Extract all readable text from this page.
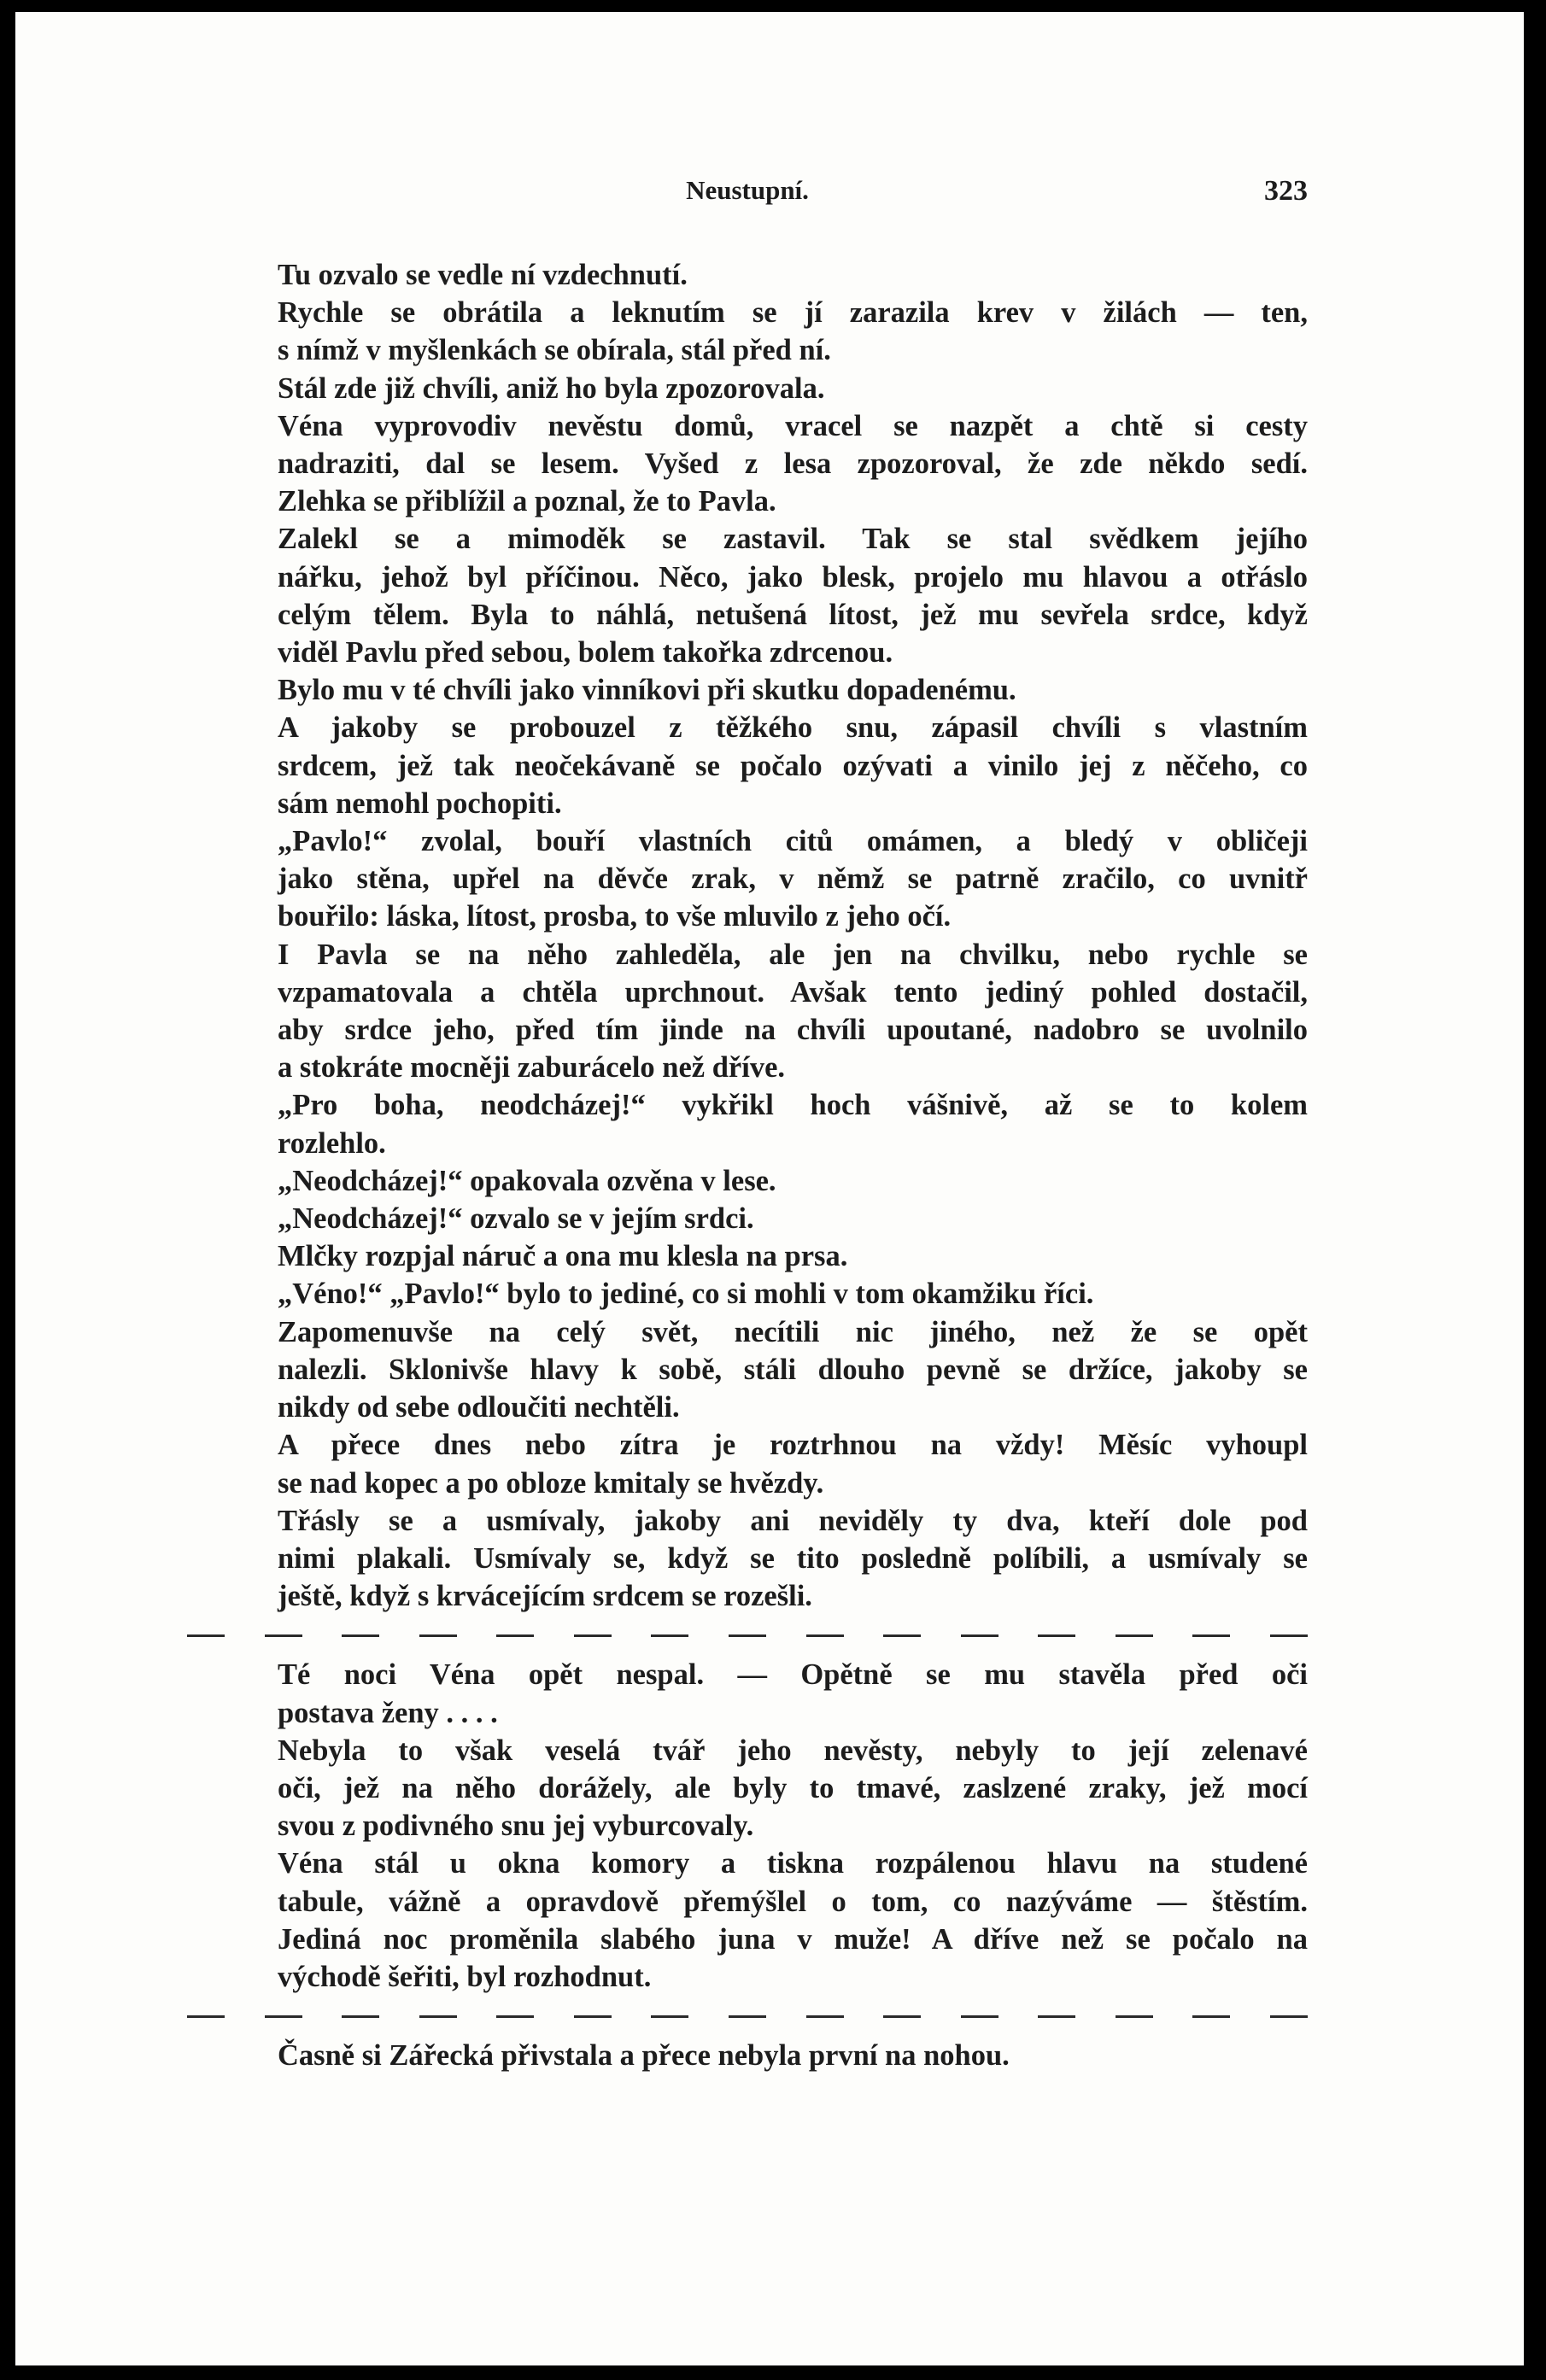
Neustupní.	323

Tu ozvalo se vedle ní vzdechnutí.

Rychle se obrátila a leknutím se jí zarazila krev v žilách — ten,
s nímž v myšlenkách se obírala, stál před ní.

Stál zde již chvíli, aniž ho byla zpozorovala.

Véna vyprovodiv nevěstu domů, vracel se nazpět a chtě si cesty
nadraziti, dal se lesem. Vyšed z lesa zpozoroval, že zde někdo sedí.
Zlehka se přiblížil a poznal, že to Pavla.

Zalekl se a mimoděk se zastavil. Tak se stal svědkem jejího
nářku, jehož byl příčinou. Něco, jako blesk, projelo mu hlavou a otřáslo
celým tělem. Byla to náhlá, netušená lítost, jež mu sevřela srdce, když
viděl Pavlu před sebou, bolem takořka zdrcenou.

Bylo mu v té chvíli jako vinníkovi při skutku dopadenému.

A jakoby se probouzel z těžkého snu, zápasil chvíli s vlastním
srdcem, jež tak neočekávaně se počalo ozývati a vinilo jej z něčeho, co
sám nemohl pochopiti.

„Pavlo!“ zvolal, bouří vlastních citů omámen, a bledý v obličeji
jako stěna, upřel na děvče zrak, v němž se patrně zračilo, co uvnitř
bouřilo: láska, lítost, prosba, to vše mluvilo z jeho očí.

I Pavla se na něho zahleděla, ale jen na chvilku, nebo rychle se
vzpamatovala a chtěla uprchnout. Avšak tento jediný pohled dostačil,
aby srdce jeho, před tím jinde na chvíli upoutané, nadobro se uvolnilo
a stokráte mocněji zaburácelo než dříve.

„Pro boha, neodcházej!“ vykřikl hoch vášnivě, až se to kolem
rozlehlo.

„Neodcházej!“ opakovala ozvěna v lese.

„Neodcházej!“ ozvalo se v jejím srdci.

Mlčky rozpjal náruč a ona mu klesla na prsa.

„Véno!“ „Pavlo!“ bylo to jediné, co si mohli v tom okamžiku říci.

Zapomenuvše na celý svět, necítili nic jiného, než že se opět
nalezli. Sklonivše hlavy k sobě, stáli dlouho pevně se držíce, jakoby se
nikdy od sebe odloučiti nechtěli.

A přece dnes nebo zítra je roztrhnou na vždy! Měsíc vyhoupl
se nad kopec a po obloze kmitaly se hvězdy.

Třásly se a usmívaly, jakoby ani neviděly ty dva, kteří dole pod
nimi plakali. Usmívaly se, když se tito posledně políbili, a usmívaly se
ještě, když s krvácejícím srdcem se rozešli.

Té noci Véna opět nespal. — Opětně se mu stavěla před oči
postava ženy . . . .

Nebyla to však veselá tvář jeho nevěsty, nebyly to její zelenavé
oči, jež na něho dorážely, ale byly to tmavé, zaslzené zraky, jež mocí
svou z podivného snu jej vyburcovaly.

Véna stál u okna komory a tiskna rozpálenou hlavu na studené
tabule, vážně a opravdově přemýšlel o tom, co nazýváme — štěstím.
Jediná noc proměnila slabého juna v muže! A dříve než se počalo na
východě šeřiti, byl rozhodnut.

Časně si Zářecká přivstala a přece nebyla první na nohou.
